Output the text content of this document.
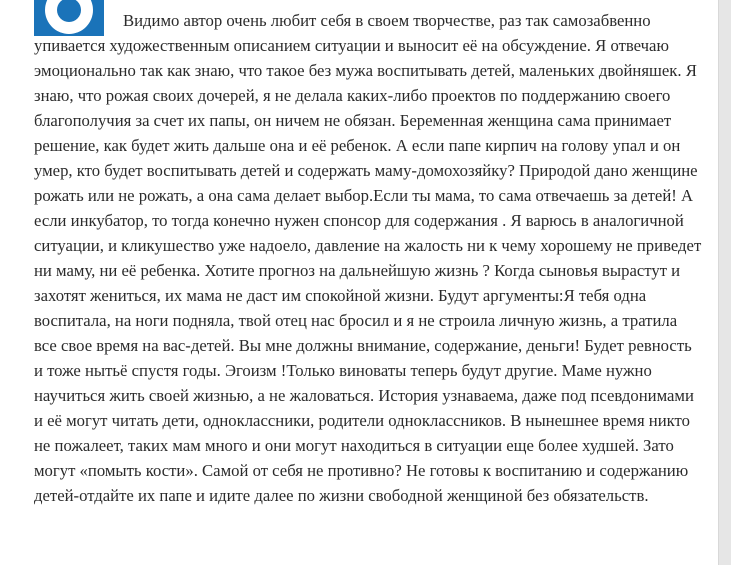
Видимо автор очень любит себя в своем творчестве, раз так самозабвенно упивается художественным описанием ситуации и выносит её на обсуждение. Я отвечаю эмоционально так как знаю, что такое без мужа воспитывать детей, маленьких двойняшек. Я знаю, что рожая своих дочерей, я не делала каких-либо проектов по поддержанию своего благополучия за счет их папы, он ничем не обязан. Беременная женщина сама принимает решение, как будет жить дальше она и её ребенок. А если папе кирпич на голову упал и он умер, кто будет воспитывать детей и содержать маму-домохозяйку? Природой дано женщине рожать или не рожать, а она сама делает выбор.Если ты мама, то сама отвечаешь за детей! А если инкубатор, то тогда конечно нужен спонсор для содержания . Я варюсь в аналогичной ситуации, и кликушество уже надоело, давление на жалость ни к чему хорошему не приведет ни маму, ни её ребенка. Хотите прогноз на дальнейшую жизнь ? Когда сыновья вырастут и захотят жениться, их мама не даст им спокойной жизни. Будут аргументы:Я тебя одна воспитала, на ноги подняла, твой отец нас бросил и я не строила личную жизнь, а тратила все свое время на вас-детей. Вы мне должны внимание, содержание, деньги! Будет ревность и тоже нытьё спустя годы. Эгоизм !Только виноваты теперь будут другие. Маме нужно научиться жить своей жизнью, а не жаловаться. История узнаваема, даже под псевдонимами и её могут читать дети, одноклассники, родители одноклассников. В нынешнее время никто не пожалеет, таких мам много и они могут находиться в ситуации еще более худшей. Зато могут «помыть кости». Самой от себя не противно? Не готовы к воспитанию и содержанию детей-отдайте их папе и идите далее по жизни свободной женщиной без обязательств.
